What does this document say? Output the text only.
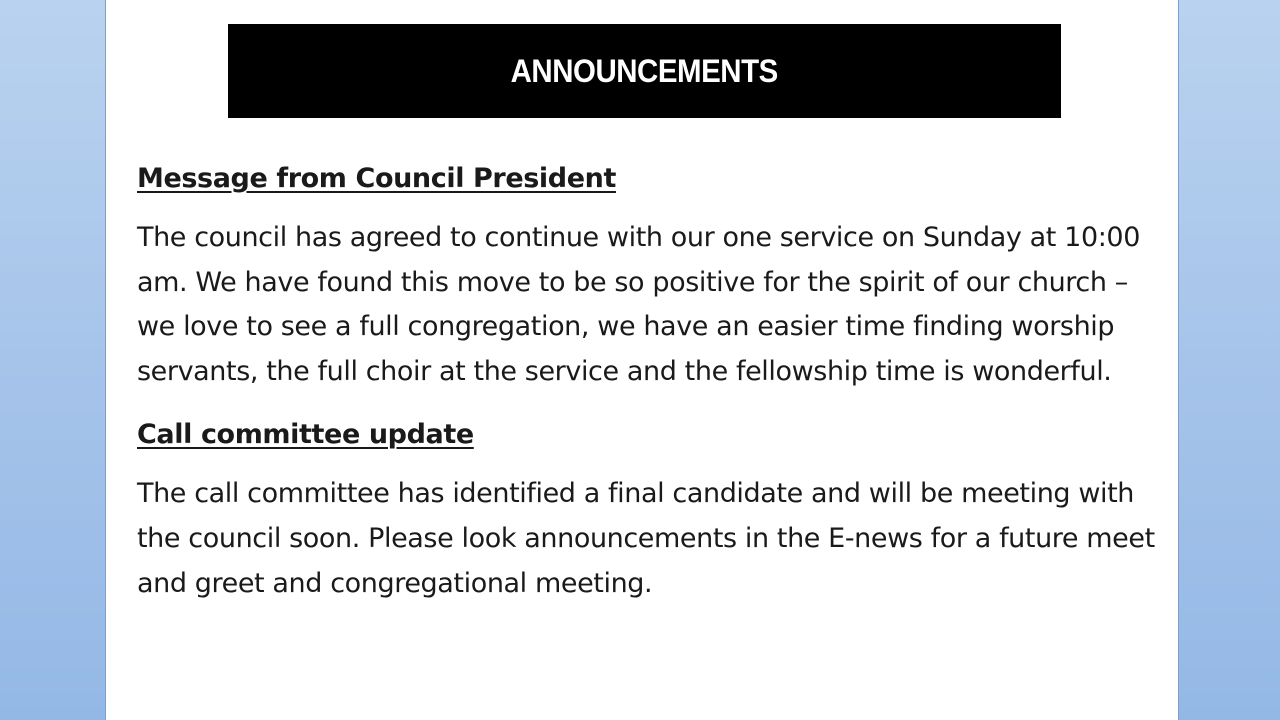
ANNOUNCEMENTS
Message from Council President
The council has agreed to continue with our one service on Sunday at 10:00 am. We have found this move to be so positive for the spirit of our church – we love to see a full congregation, we have an easier time finding worship servants, the full choir at the service and the fellowship time is wonderful.
Call committee update
The call committee has identified a final candidate and will be meeting with the council soon. Please look announcements in the E-news for a future meet and greet and congregational meeting.
